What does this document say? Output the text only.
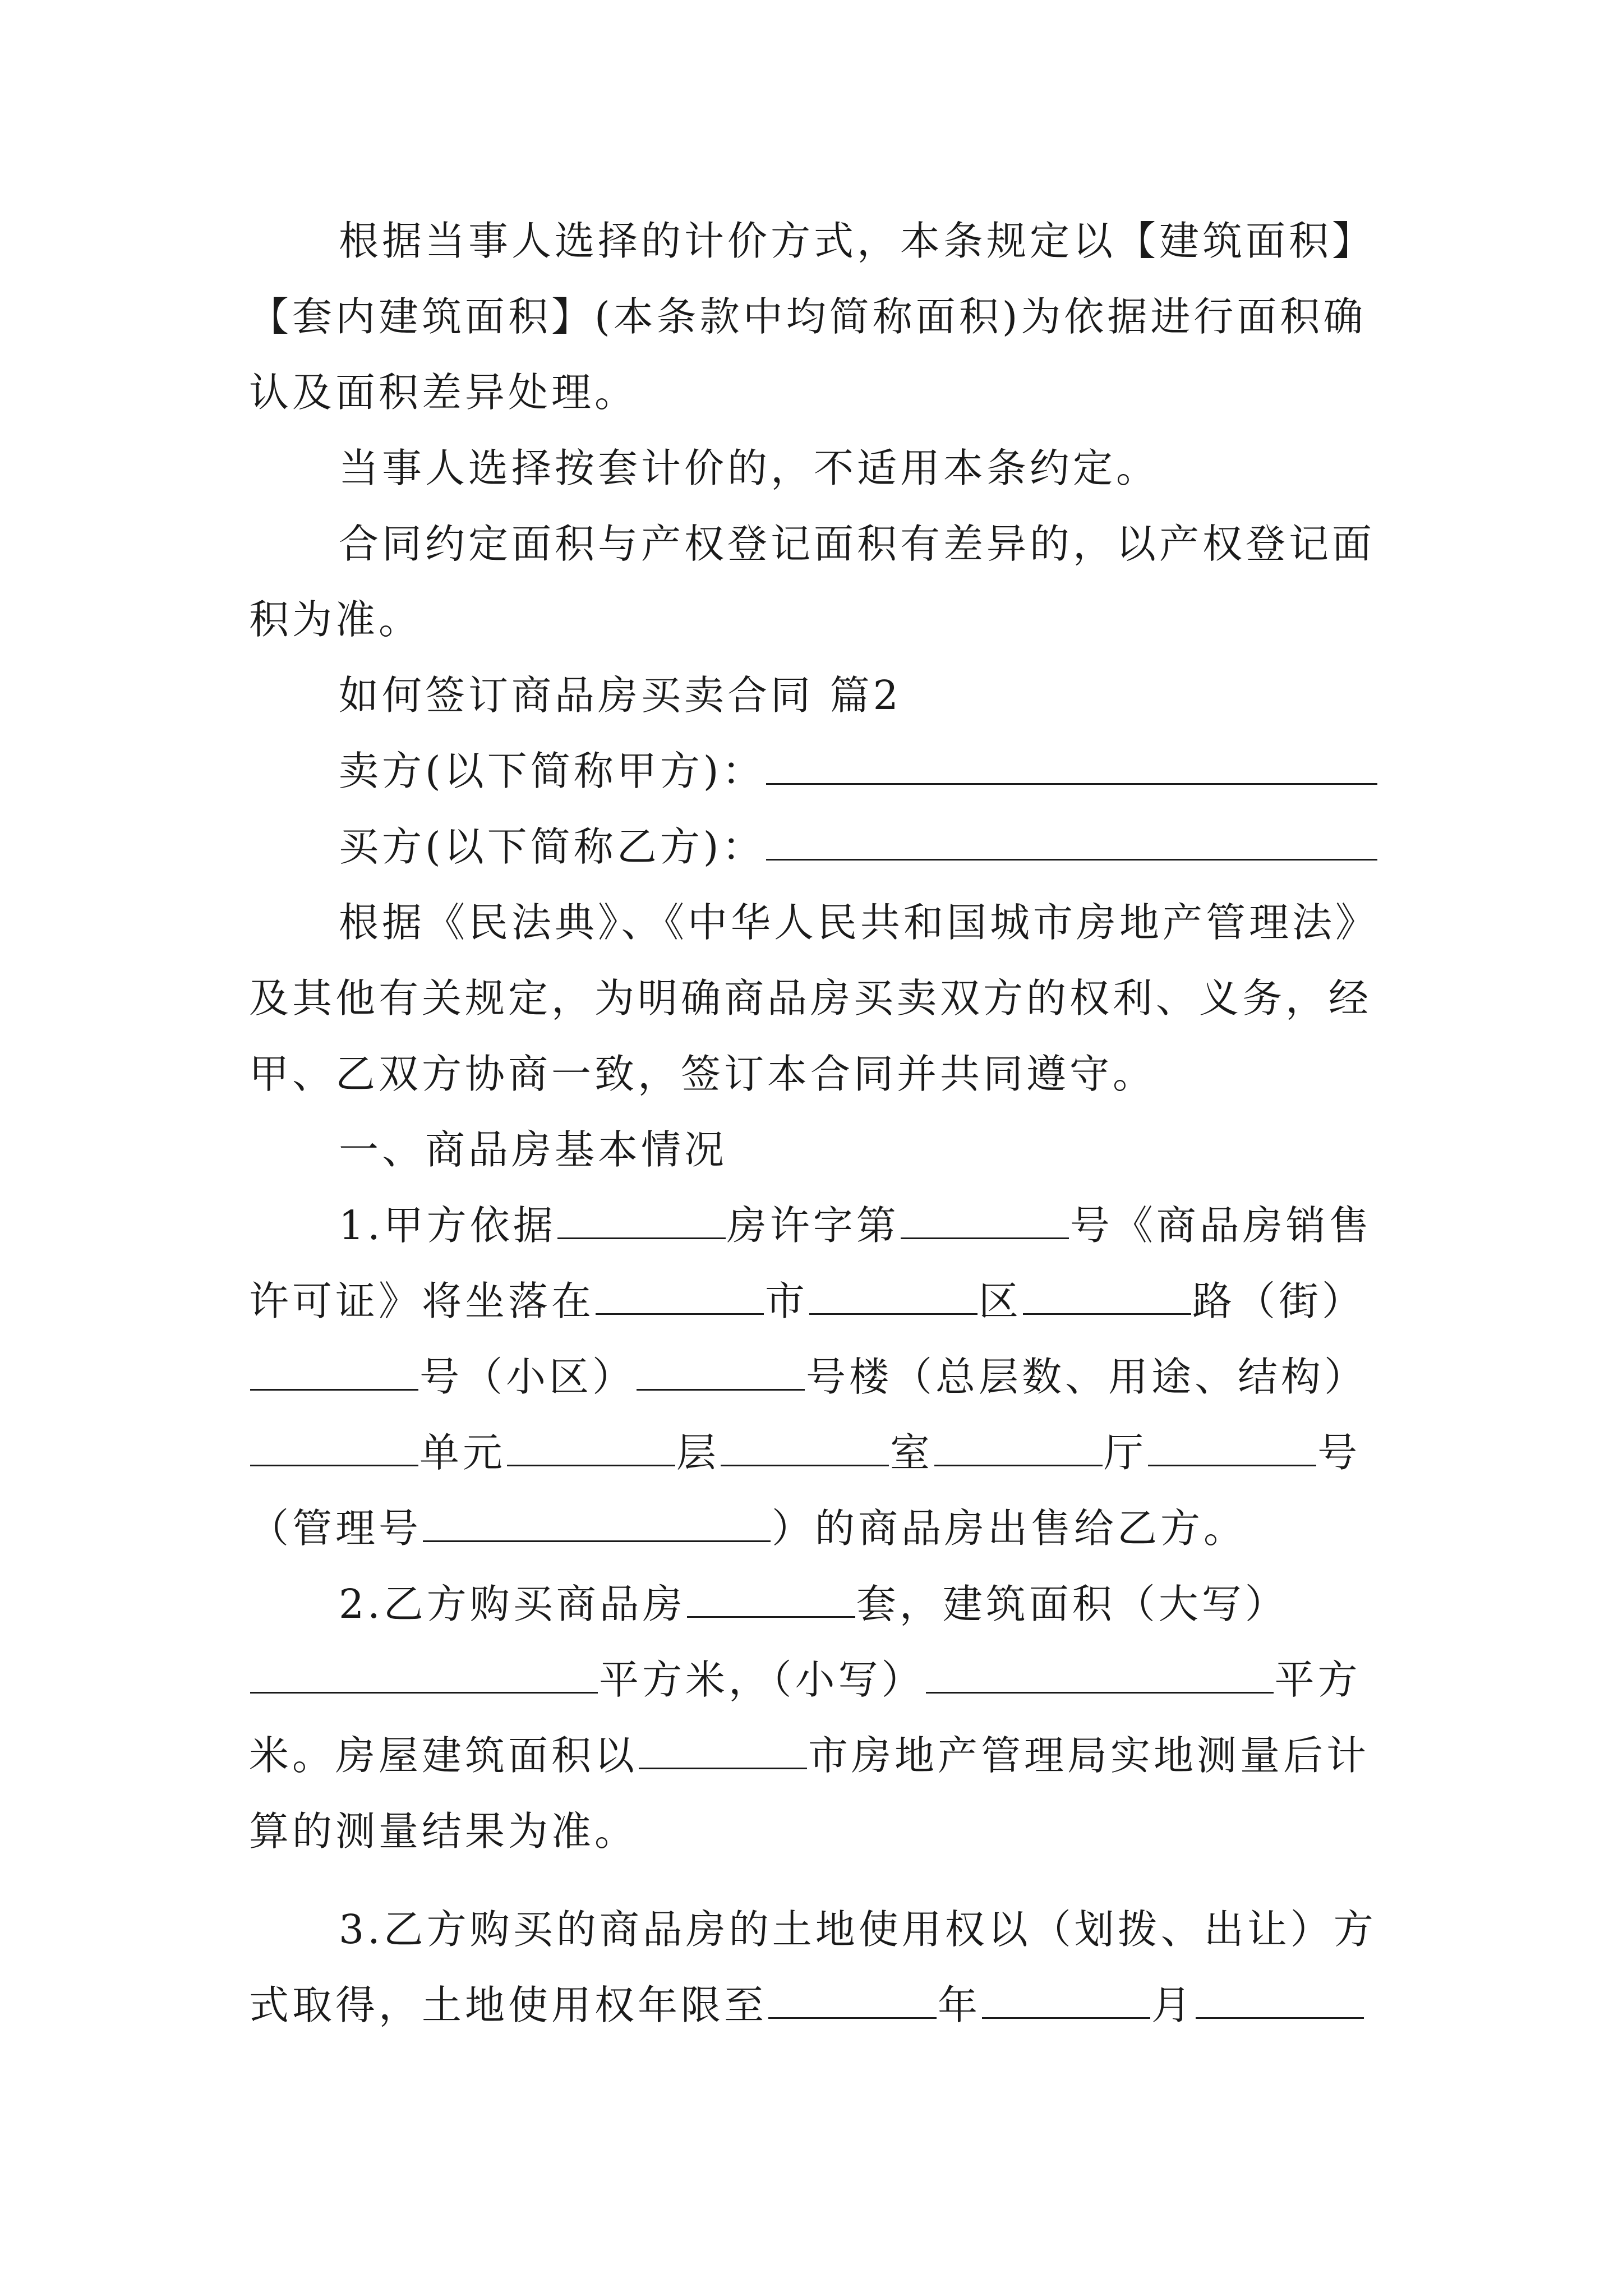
根据当事人选择的计价方式，本条规定以【建筑面积】
【套内建筑面积】(本条款中均简称面积)为依据进行面积确
认及面积差异处理。
当事人选择按套计价的，不适用本条约定。
合同约定面积与产权登记面积有差异的，以产权登记面
积为准。
如何签订商品房买卖合同 篇2
卖方(以下简称甲方)：
买方(以下简称乙方)：
根据《民法典》、《中华人民共和国城市房地产管理法》
及其他有关规定，为明确商品房买卖双方的权利、义务，经
甲、乙双方协商一致，签订本合同并共同遵守。
一、商品房基本情况
1.甲方依据	房许字第	号《商品房销售
许可证》将坐落在	市	区	路（街）
号（小区）	号楼（总层数、用途、结构）
单元	层	室	厅	号
（管理号	）的商品房出售给乙方。
2.乙方购买商品房	套，建筑面积（大写）
平方米，（小写）	平方
米。房屋建筑面积以	市房地产管理局实地测量后计
算的测量结果为准。
3.乙方购买的商品房的土地使用权以（划拨、出让）方
式取得，土地使用权年限至	年	月
